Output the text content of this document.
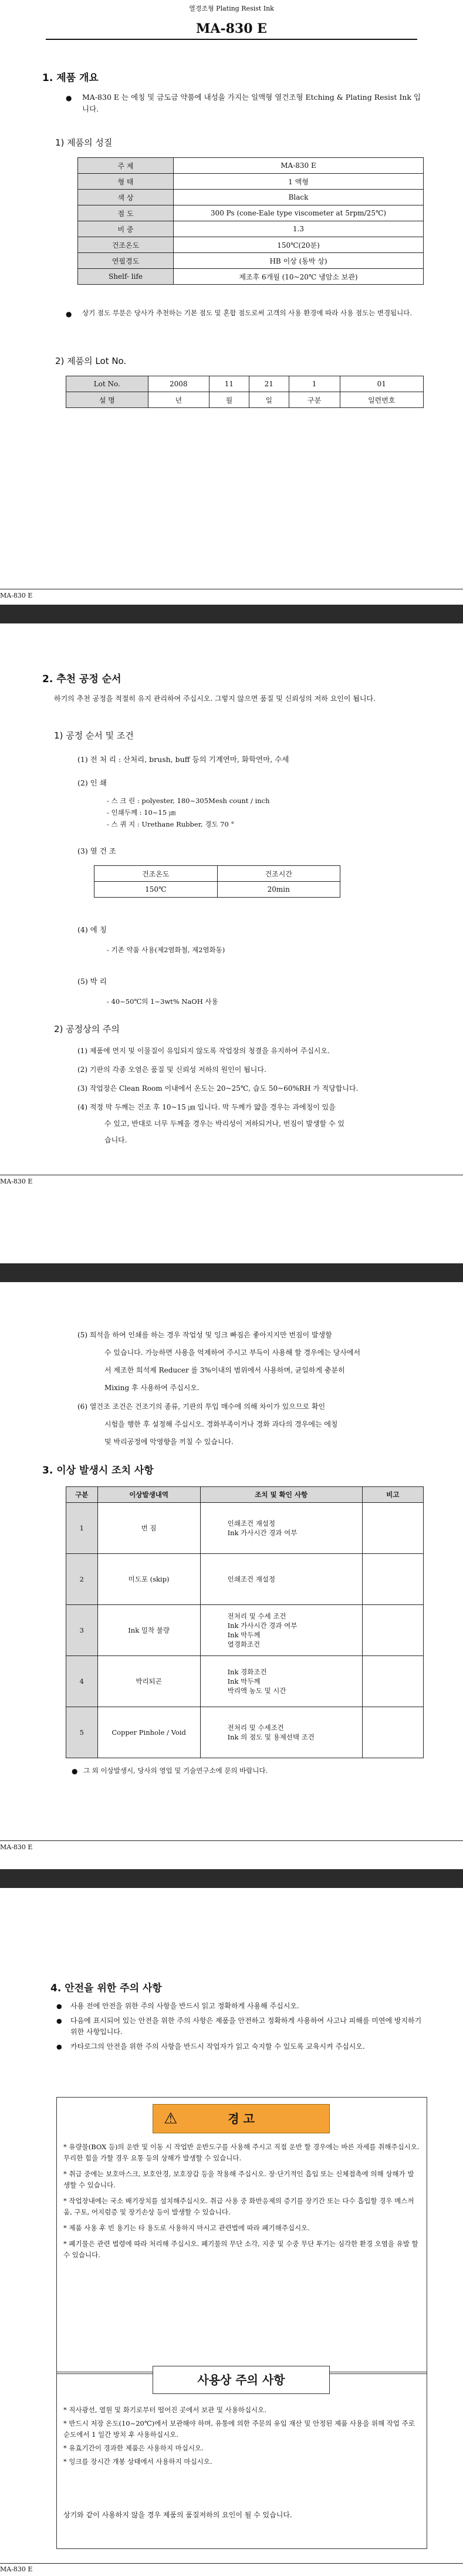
열경조형 Plating Resist Ink
MA-830 E
1. 제품 개요
● MA-830 E 는 에칭 및 금도금 약품에 내성을 가지는 일액형 열건조형 Etching & Plating Resist Ink 입니다.
1) 제품의 성질
주 제	MA-830 E
형 태	1 액형
색 상	Black
점 도	300 Ps (cone-Eale type viscometer at 5rpm/25℃)
비 중	1.3
건조온도	150℃(20분)
연필경도	HB 이상 (동박 상)
Shelf- life	제조후 6개월 (10~20℃ 냉암소 보관)
● 상기 점도 부분은 당사가 추천하는 기본 점도 및 혼합 점도로써 고객의 사용 환경에 따라 사용 점도는 변경됩니다.
2) 제품의 Lot No.
Lot No.	2008	11	21	1	01
설 명	년	월	일	구분	일련번호
MA-830 E
2. 추천 공정 순서
하기의 추천 공정을 적절히 유지 관리하여 주십시오. 그렇지 않으면 품질 및 신뢰성의 저하 요인이 됩니다.
1) 공정 순서 및 조건
(1) 전 처 리 : 산처리, brush, buff 등의 기계연마, 화학연마, 수세
(2) 인 쇄
- 스 크 린 : polyester, 180~305Mesh count / inch
- 인쇄두께 : 10~15 ㎛
- 스 퀴 지 : Urethane Rubber, 경도 70 °
(3) 열 건 조
건조온도	건조시간
150℃	20min
(4) 에 칭
- 기존 약품 사용(제2염화철, 제2염화동)
(5) 박 리
- 40~50℃의 1~3wt% NaOH 사용
2) 공정상의 주의
(1) 제품에 먼지 및 이물질이 유입되지 않도록 작업장의 청결을 유지하여 주십시오.
(2) 기판의 각종 오염은 품질 및 신뢰성 저하의 원인이 됩니다.
(3) 작업장은 Clean Room 이내에서 온도는 20~25℃, 습도 50~60%RH 가 적당합니다.
(4) 적정 막 두께는 건조 후 10~15 ㎛ 입니다. 막 두께가 얇을 경우는 과에칭이 있을
수 있고, 반대로 너무 두께울 경우는 박리성이 저하되거나, 번짐이 발생할 수 있
습니다.
MA-830 E
(5) 희석을 하여 인쇄를 하는 경우 작업성 및 잉크 빠짐은 좋아지지만 번짐이 발생할
수 있습니다. 가능하면 사용을 억제하여 주시고 부득이 사용해 할 경우에는 당사에서
서 제조한 희석제 Reducer 를 3%이내의 범위에서 사용하며, 균일하게 충분히
Mixing 후 사용하여 주십시오.
(6) 열건조 조건은 건조기의 종류, 기판의 투입 매수에 의해 차이가 있으므로 확인
시험을 행한 후 설정해 주십시오. 경화부족이거나 경화 과다의 경우에는 에칭
및 박리공정에 악영향을 끼칠 수 있습니다.
3. 이상 발생시 조치 사항
구분	이상발생내역	조치 및 확인 사항	비고
1	번 짐	인쇄조건 재설정
Ink 가사시간 경과 여부	

2	미도포 (skip)	인쇄조건 재설정	

3	Ink 밀착 불량	전처리 및 수세 조건
Ink 가사시간 경과 여부
Ink 막두께
열경화조건	

4	박리되곤	Ink 경화조건
Ink 막두께
박리액 농도 및 시간	

5	Copper Pinhole / Void	전처리 및 수세조건
Ink 의 점도 및 용제선택 조건	

● 그 외 이상발생시, 당사의 영업 및 기술연구소에 문의 바랍니다.
MA-830 E
4. 안전을 위한 주의 사항
● 사용 전에 안전을 위한 주의 사항을 반드시 읽고 정확하게 사용해 주십시오.
● 다음에 표시되어 있는 안전을 위한 주의 사항은 제품을 안전하고 정확하게 사용하여 사고나 피해를 미연에 방지하기 위한 사항입니다.
● 카타로그의 안전을 위한 주의 사항을 반드시 작업자가 읽고 숙지할 수 있도록 교육시켜 주십시오.
⚠	경 고
* 유량물(BOX 등)의 운반 및 이동 시 작업반 운반도구를 사용해 주시고 직접 운반 할 경우에는 바른 자세를 취해주십시오. 무리한 힘을 가할 경우 요통 등의 상해가 발생할 수 있습니다.
* 취급 중에는 보호마스크, 보호안경, 보호장갑 등을 착용해 주십시오. 장·단기적인 흡입 또는 신체접촉에 의해 상해가 발생할 수 있습니다.
* 작업장내에는 국소 배기장치를 설치해주십시오. 취급 사용 중 화반응제의 증기를 장기간 또는 다수 흡입할 경우 메스꺼움, 구토, 어지럼증 및 장기손상 등이 발생할 수 있습니다.
* 제품 사용 후 빈 용기는 타 용도로 사용하지 마시고 관련법에 따라 폐기해주십시오.
* 폐기물은 관련 법령에 따라 처리해 주십시오. 폐기물의 무단 소각, 지중 및 수중 무단 투기는 심각한 환경 오염을 유발 할 수 있습니다.
사용상 주의 사항
* 직사광선, 열원 및 화기로부터 떨어진 곳에서 보관 및 사용하십시오.
* 반드시 저장 온도(10~20℃)에서 보관해야 하며, 유통에 의한 주문의 유입 재산 및 안정된 제품 사용을 위해 작업 주로 순도에서 1 일간 방치 후 사용하십시오.
* 유효기간이 경과한 제품은 사용하지 마십시오.
* 잉크를 장시간 개봉 상태에서 사용하지 마십시오.
상기와 같이 사용하지 않을 경우 제품의 품질저하의 요인이 될 수 있습니다.
MA-830 E
